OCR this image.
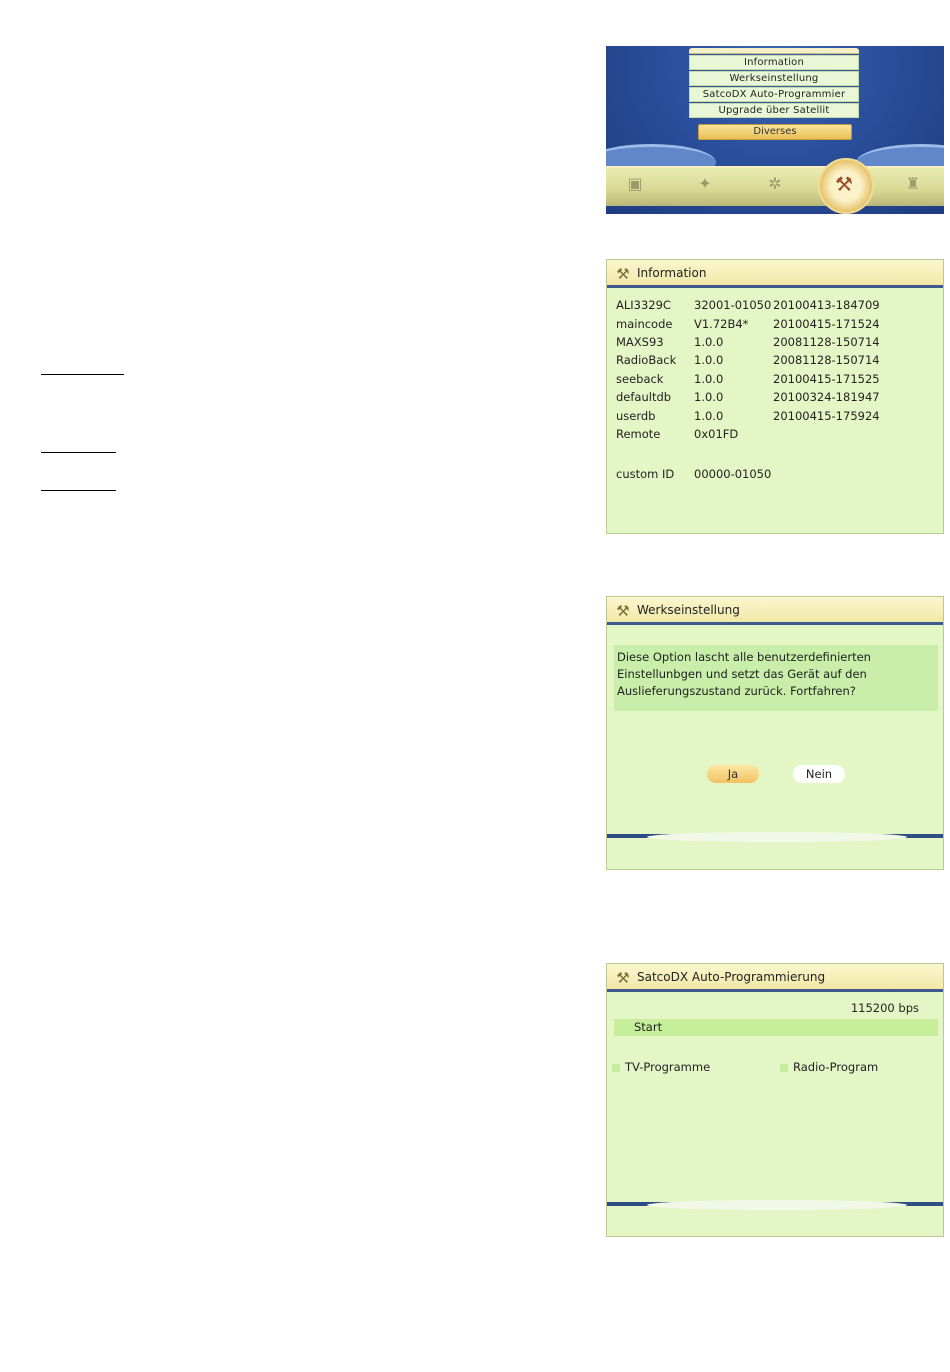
Information
Werkseinstellung
SatcoDX Auto-Programmier
Upgrade über Satellit
Diverses
▣	✦	✲	⚒	♜
⚒ Information
ALI3329C 32001-01050 20100413-184709
maincode V1.72B4* 20100415-171524
MAXS93	1.0.0	20081128-150714
RadioBack 1.0.0	20081128-150714
seeback	1.0.0	20100415-171525
defaultdb 1.0.0	20100324-181947
userdb	1.0.0	20100415-175924
Remote	0x01FD
custom ID 00000-01050
⚒ Werkseinstellung
Diese Option lascht alle benutzerdefinierten
Einstellunbgen und setzt das Gerät auf den
Auslieferungszustand zurück. Fortfahren?
Ja	Nein
⚒ SatcoDX Auto-Programmierung
115200 bps
Start
TV-Programme	Radio-Program
